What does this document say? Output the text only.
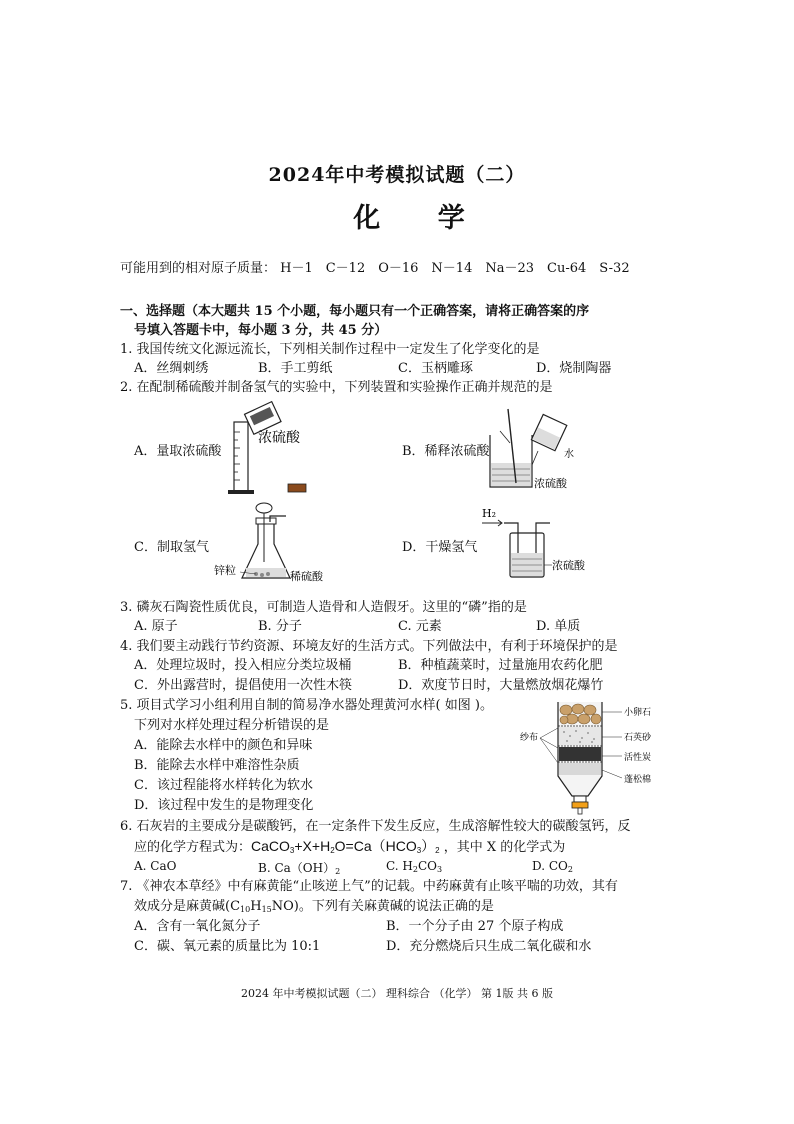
2024年中考模拟试题（二）
化 学
可能用到的相对原子质量： H－1　C－12　O－16　N－14　Na－23　Cu-64　S-32
一、选择题（本大题共 15 个小题，每小题只有一个正确答案，请将正确答案的序
号填入答题卡中，每小题 3 分，共 45 分）
1. 我国传统文化源远流长，下列相关制作过程中一定发生了化学变化的是
A．丝绸刺绣	B．手工剪纸	C．玉柄雕琢	D．烧制陶器
2. 在配制稀硫酸并制备氢气的实验中，下列装置和实验操作正确并规范的是
A．量取浓硫酸	B．稀释浓硫酸
C．制取氢气	D．干燥氢气
浓硫酸
水
浓硫酸
锌粒	稀硫酸
H₂
浓硫酸
3. 磷灰石陶瓷性质优良，可制造人造骨和人造假牙。这里的“磷”指的是
A. 原子	B. 分子	C. 元素	D. 单质
4. 我们要主动践行节约资源、环境友好的生活方式。下列做法中，有利于环境保护的是
A．处理垃圾时，投入相应分类垃圾桶	B．种植蔬菜时，过量施用农药化肥
C．外出露营时，提倡使用一次性木筷	D．欢度节日时，大量燃放烟花爆竹
5. 项目式学习小组利用自制的简易净水器处理黄河水样( 如图 )。
下列对水样处理过程分析错误的是
A．能除去水样中的颜色和异味
B．能除去水样中难溶性杂质
C．该过程能将水样转化为软水
D．该过程中发生的是物理变化
纱布
小卵石
石英砂
活性炭
蓬松棉
6. 石灰岩的主要成分是碳酸钙，在一定条件下发生反应，生成溶解性较大的碳酸氢钙，反
应的化学方程式为：$CaCO_3+X+H_2O=Ca(HCO_3)_2$ ，其中 X 的化学式为
A. CaO	B. $Ca(OH)_2$	C. $H_2CO_3$	D. $CO_2$
7. 《神农本草经》中有麻黄能“止咳逆上气”的记载。中药麻黄有止咳平喘的功效，其有
效成分是麻黄碱$(C_{10}H_{15}NO)$。下列有关麻黄碱的说法正确的是
A．含有一氧化氮分子	B．一个分子由 27 个原子构成
C．碳、氧元素的质量比为 10:1	D．充分燃烧后只生成二氧化碳和水
2024 年中考模拟试题（二） 理科综合 （化学） 第 1版 共 6 版
